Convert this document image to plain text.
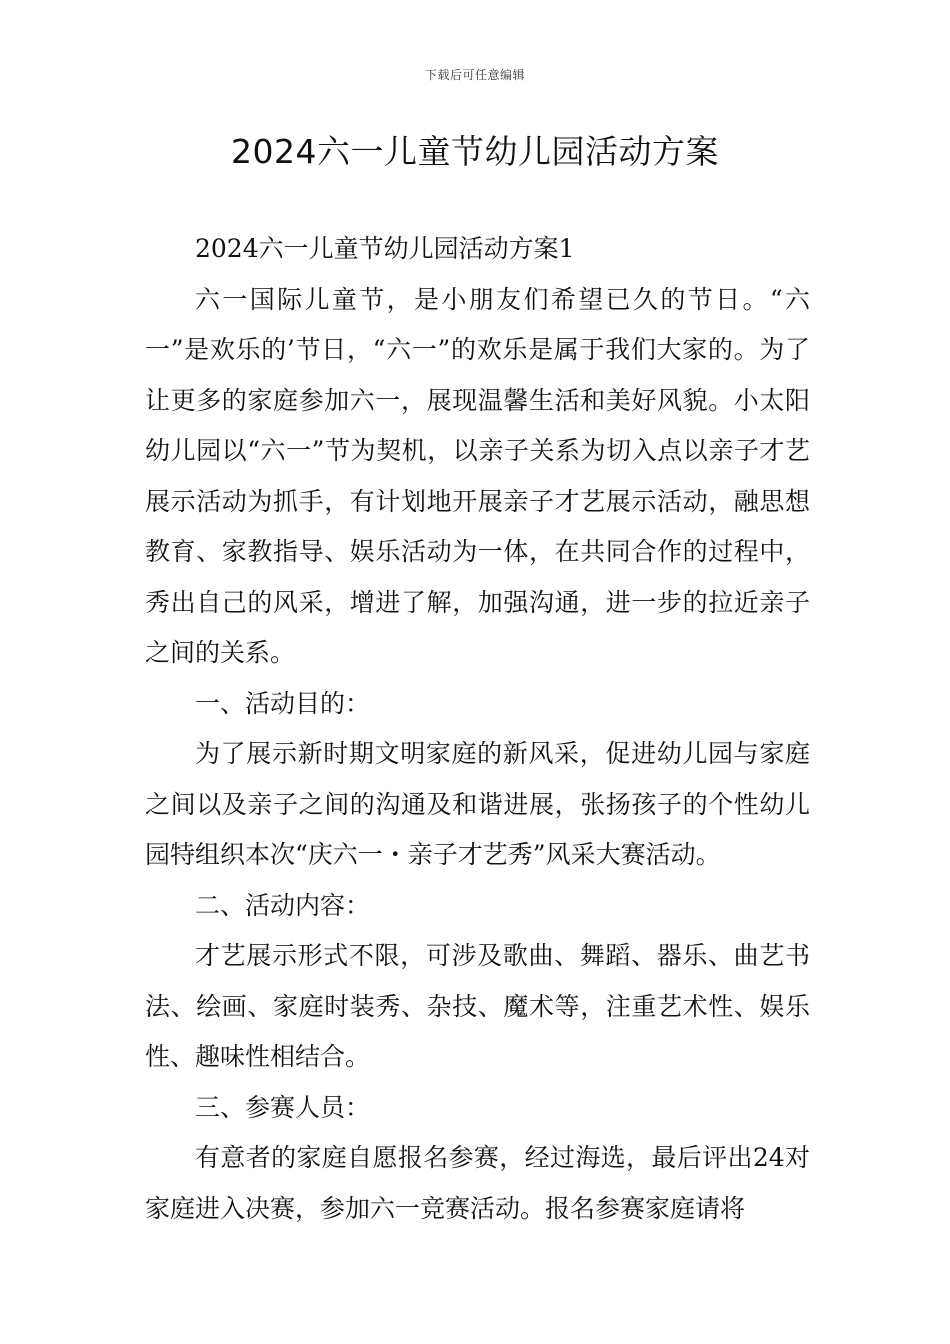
下载后可任意编辑
2024六一儿童节幼儿园活动方案

2024六一儿童节幼儿园活动方案1

六一国际儿童节，是小朋友们希望已久的节日。“六一”是欢乐的’节日，“六一”的欢乐是属于我们大家的。为了让更多的家庭参加六一，展现温馨生活和美好风貌。小太阳幼儿园以“六一”节为契机，以亲子关系为切入点以亲子才艺展示活动为抓手，有计划地开展亲子才艺展示活动，融思想教育、家教指导、娱乐活动为一体，在共同合作的过程中，秀出自己的风采，增进了解，加强沟通，进一步的拉近亲子之间的关系。

一、活动目的：

为了展示新时期文明家庭的新风采，促进幼儿园与家庭之间以及亲子之间的沟通及和谐进展，张扬孩子的个性幼儿园特组织本次“庆六一・亲子才艺秀”风采大赛活动。

二、活动内容：

才艺展示形式不限，可涉及歌曲、舞蹈、器乐、曲艺书法、绘画、家庭时装秀、杂技、魔术等，注重艺术性、娱乐性、趣味性相结合。

三、参赛人员：

有意者的家庭自愿报名参赛，经过海选，最后评出24对家庭进入决赛，参加六一竞赛活动。报名参赛家庭请将
